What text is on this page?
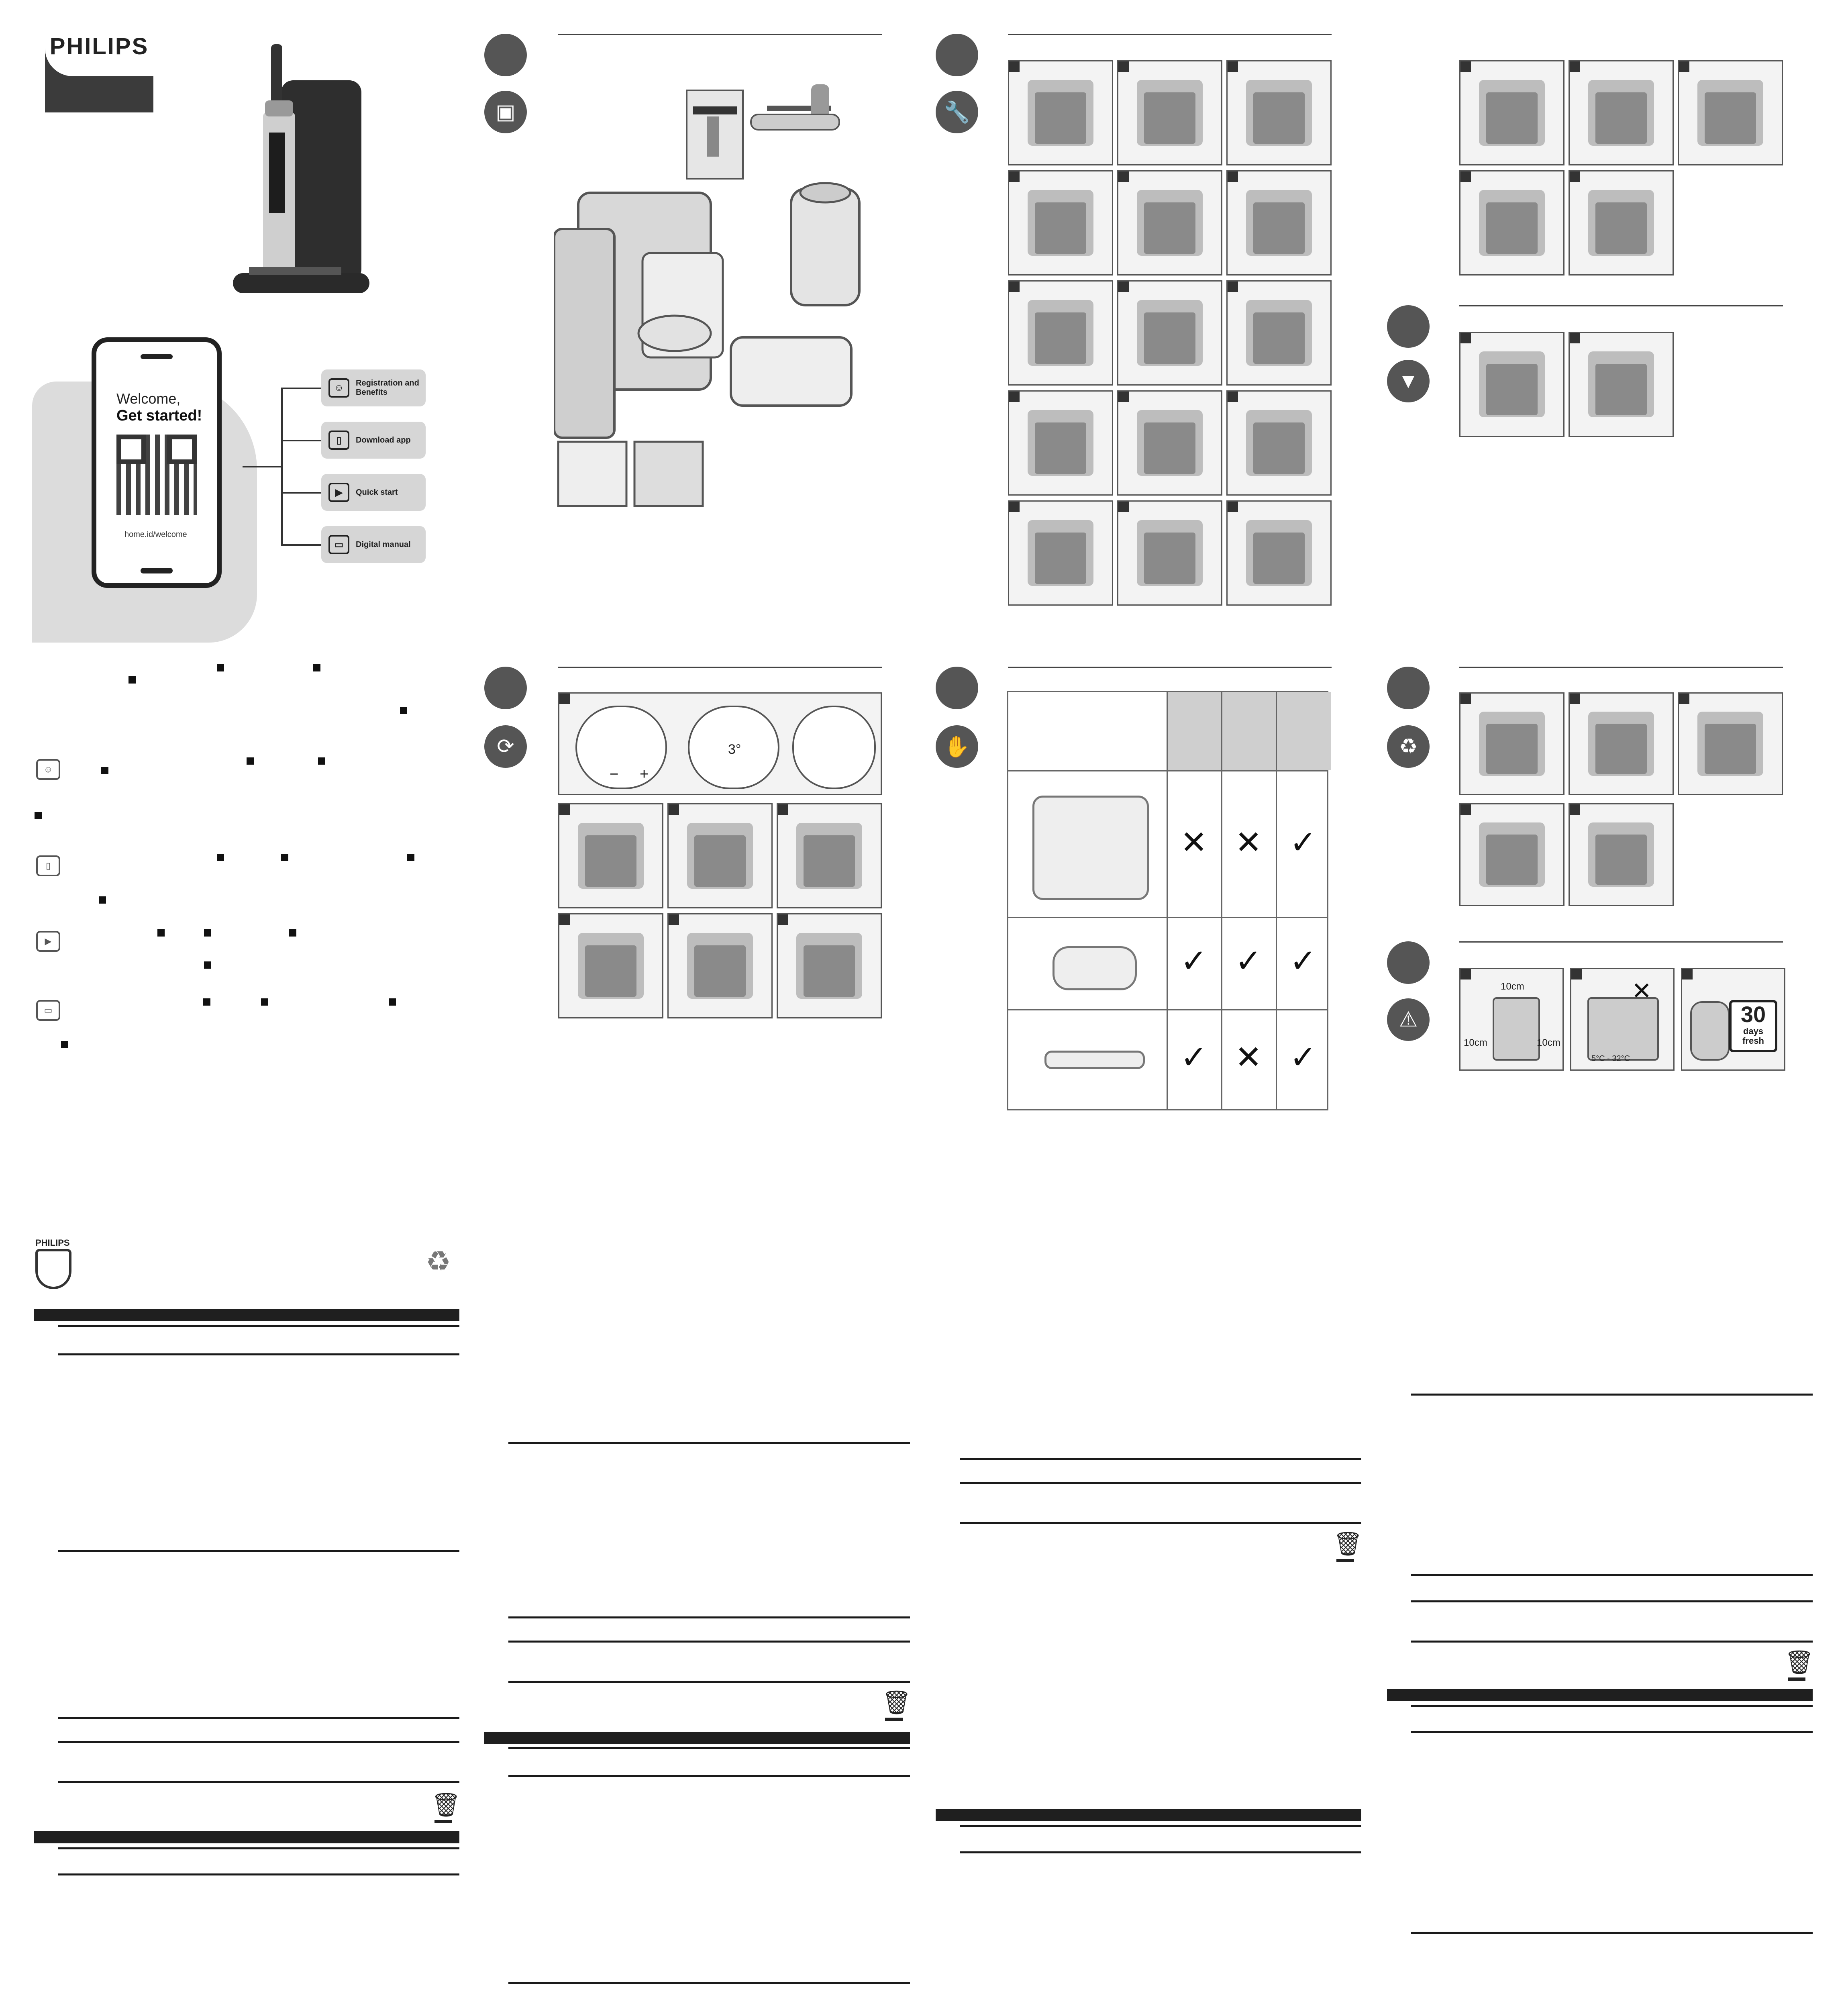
PHILIPS
Welcome,
Get started!
home.id/welcome
☺	Registration and Benefits
▯	Download app
▶	Quick start
▭	Digital manual
☺
▯
▶
▭
▣	🔧
▼
⟳	3°
− +
✋
✕ ✕ ✓
✓ ✓ ✓
✓ ✕ ✓
♻
⚠
10cm
10cm	10cm
✕
5°C - 32°C
30
days
fresh
PHILIPS
♻
🗑
🗑
🗑
🗑
